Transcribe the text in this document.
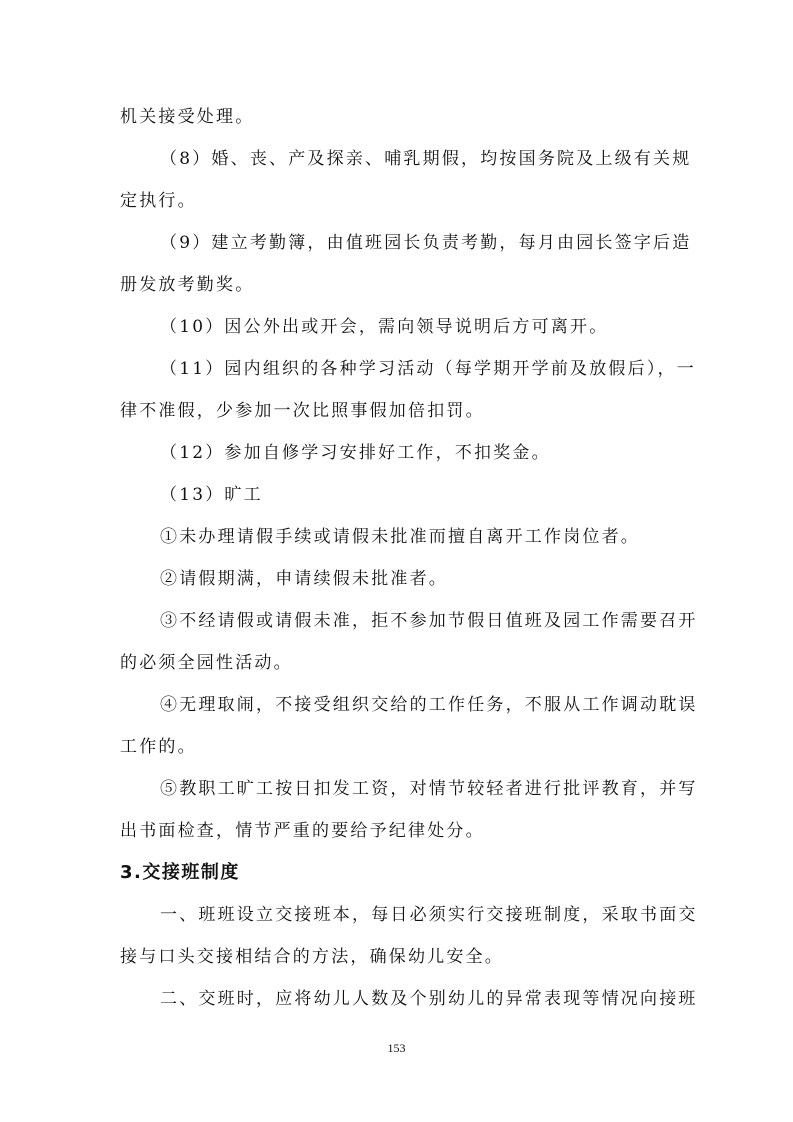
机关接受处理。
（8）婚、丧、产及探亲、哺乳期假，均按国务院及上级有关规
定执行。
（9）建立考勤簿，由值班园长负责考勤，每月由园长签字后造
册发放考勤奖。
（10）因公外出或开会，需向领导说明后方可离开。
（11）园内组织的各种学习活动（每学期开学前及放假后），一
律不准假，少参加一次比照事假加倍扣罚。
（12）参加自修学习安排好工作，不扣奖金。
（13）旷工
①未办理请假手续或请假未批准而擅自离开工作岗位者。
②请假期满，申请续假未批准者。
③不经请假或请假未准，拒不参加节假日值班及园工作需要召开
的必须全园性活动。
④无理取闹，不接受组织交给的工作任务，不服从工作调动耽误
工作的。
⑤教职工旷工按日扣发工资，对情节较轻者进行批评教育，并写
出书面检查，情节严重的要给予纪律处分。
3.交接班制度
一、班班设立交接班本，每日必须实行交接班制度，采取书面交
接与口头交接相结合的方法，确保幼儿安全。
二、交班时，应将幼儿人数及个别幼儿的异常表现等情况向接班
153
